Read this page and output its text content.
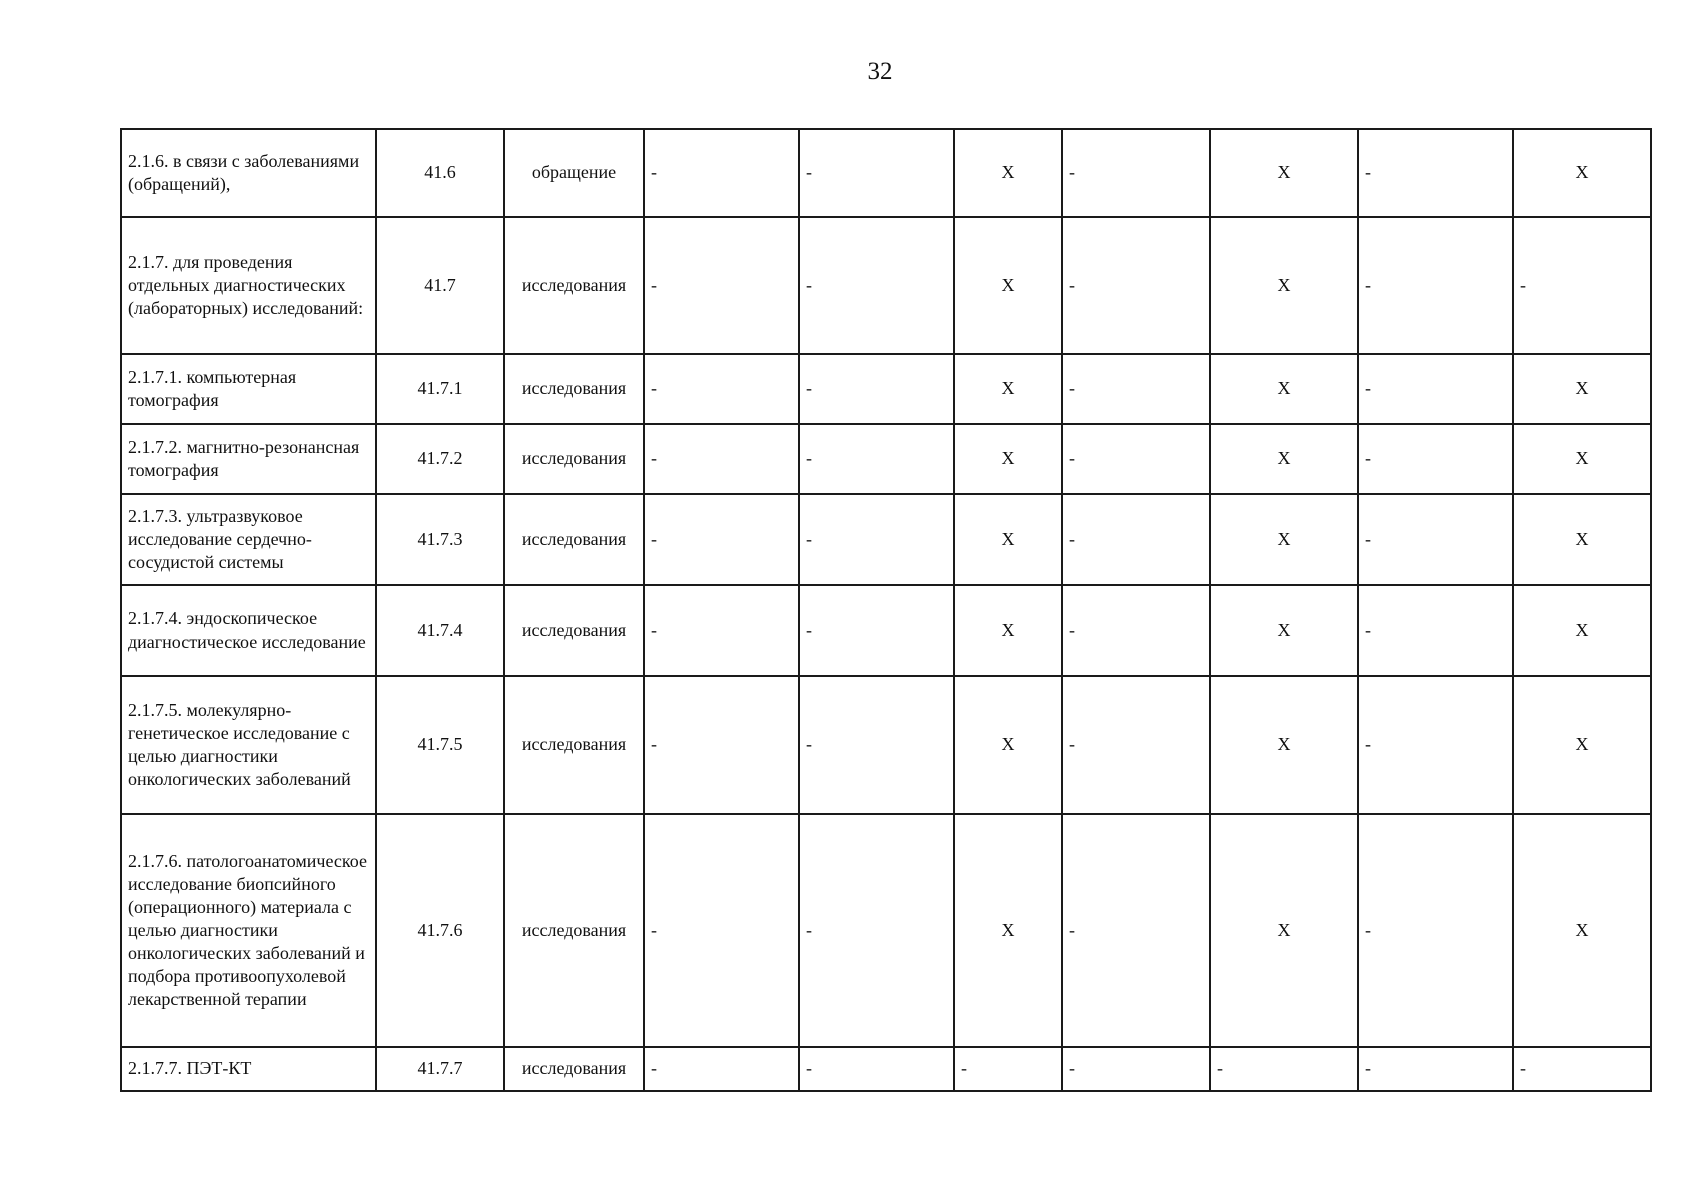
32
2.1.6. в связи с заболеваниями (обращений),	41.6	обращение	-	-	X	-	X	-	X
2.1.7. для проведения отдельных диагностических (лабораторных) исследований:	41.7	исследования	-	-	X	-	X	-	-
2.1.7.1. компьютерная томография	41.7.1	исследования	-	-	X	-	X	-	X
2.1.7.2. магнитно-резонансная томография	41.7.2	исследования	-	-	X	-	X	-	X
2.1.7.3. ультразвуковое исследование сердечно-сосудистой системы	41.7.3	исследования	-	-	X	-	X	-	X
2.1.7.4. эндоскопическое диагностическое исследование	41.7.4	исследования	-	-	X	-	X	-	X
2.1.7.5. молекулярно-генетическое исследование с целью диагностики онкологических заболеваний	41.7.5	исследования	-	-	X	-	X	-	X
2.1.7.6. патологоанатомическое исследование биопсийного (операционного) материала с целью диагностики онкологических заболеваний и подбора противоопухолевой лекарственной терапии	41.7.6	исследования	-	-	X	-	X	-	X
2.1.7.7. ПЭТ-КТ	41.7.7	исследования	-	-	-	-	-	-	-
